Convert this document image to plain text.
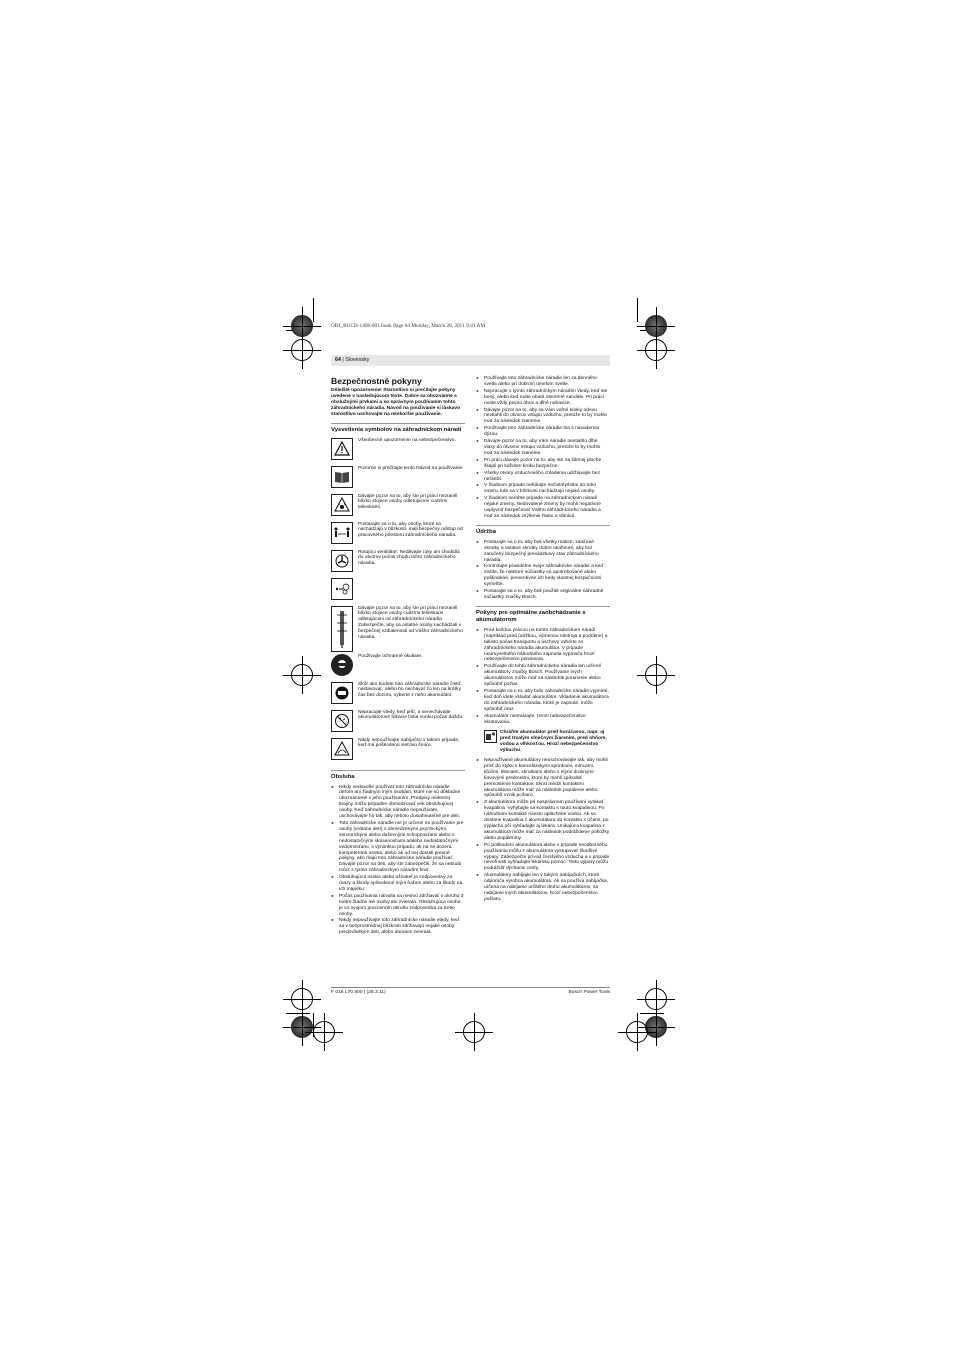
OBJ_BUCH-1406-001.book Page 64 Monday, March 28, 2011 9:41 AM
64 | Slovensky
Bezpečnostné pokyny

Dôležité upozornenie! Starostlivo si prečítajte pokyny uvedené v nasledujúcom texte. Dobre sa oboznámte s obslužnými prvkami a so správnym používaním tohto záhradníckeho náradia. Návod na používanie si láskavo starostlivo uschovajte na neskoršie používanie.

Vysvetlenia symbolov na záhradníckom náradí
Všeobecné upozornenie na nebezpečenstvo.
Pozorne si prečítajte tento Návod na používanie.
Dávajte pozor na to, aby ste pri práci nezranili blízko stojace osoby odletujúcimi cudzími telieskami.
Postarajte sa o to, aby osoby, ktoré sa nachádzajú v blízkosti, mali bezpečný odstup od pracovného priestoru záhradníckeho náradia.
Rotujúci ventilátor: Nedávajte ruky ani chodidlá do otvorov počas chodu tohto záhradníckeho náradia.
Dávajte pozor na to, aby ste pri práci nezranili blízko stojace osoby cudzími telieskami odletujúcimi od záhradníckeho náradia. Zabezpečte, aby sa ostatné osoby nachádzali v bezpečnej vzdialenosti od Vášho záhradníckeho náradia.
Používajte ochranné okuliare.
Skôr ako budete toto záhradnícke náradie čistiť, nastavovať, alebo ho nechávať čo len na krátky čas bez dozoru, vyberte z neho akumulátor.
Nepracujte vtedy, keď prší, a nenechávajte akumulátorové fúkacie lístia vonku počas dažďa.
Nikdy nepoužívajte nabíjačku v takom prípade, keď má poškodenú sieťovú šnúru.
Obsluha
► Nikdy nedovoľte používať toto záhradnícke náradie deťom ani žiadnym iným osobám, ktoré nie sú dôkladne oboznámené s jeho používaním. Predpisy niektorej krajiny môžu prípadne obmedzovať vek obsluhujúcej osoby. Keď záhradnícke náradie nepoužívate, uschovávajte ho tak, aby nebolo dosiahnuteľné pre deti.
► Toto záhradnícke náradie nie je určené na používanie pre osoby (vrátane detí) s obmedzenými psychickými, senzorickými alebo duševnými schopnosťami alebo s nedostatočnými skúsenosťami a/alebo nedostatočnými vedomosťami, s výnimkou prípadu, ak na ne dozerá kompetentná osoba, alebo ak od nej dostali presné pokyny, ako majú toto záhradnícke náradie používať. Dávajte pozor na deti, aby ste zabezpečili, že sa nebudú môcť s týmto záhradníckym náradím hrať.
► Obsluhujúca osoba alebo užívateľ je zodpovedný za úrazy a škody spôsobené iným ľuďom alebo za škody na ich majetku.
► Počas používania náradia sa nesmú zdržiavať v okruhu 3 metre žiadne iné osoby ani zvieratá. Obsluhujúca osoba je so svojom pracovnom okruhu zodpovedná za tretie osoby.
► Nikdy nepoužívajte toto záhradnícke náradie vtedy, keď sa v bezprostrednej blízkosti zdržiavajú nejaké osoby, predovšetkým deti, alebo domáce zvieratá.
► Používajte toto záhradnícke náradie len za denného svetla alebo pri dobrom umelom svetle.
► Nepracujte s týmto záhradníckym náradím vtedy, keď ste bosý, alebo keď máte obuté otvorené sandále. Pri práci noste vždy pevnú obuv a dlhé nohavice.
► Dávajte pozor na to, aby sa Vám voľné kúsky odevu nevtiahli do otvorov vstupu vzduchu, pretože to by mohlo mať za následok zranenie.
► Používajte toto záhradnícke náradie iba s nasadenou dýzou.
► Dávajte pozor na to, aby Vám náradie nevtiahlo dlhé vlasy do otvorov vstupu vzduchu, pretože to by mohlo mať za následok zranenie.
► Pri práci dávajte pozor na to, aby ste na šikmej ploche šliapli pri každom kroku bezpečne.
► Všetky otvory vzduchového chladenia udržiavajte bez nečistôt.
► V žiadnom prípade nefúkajte nečistoty/lístie do toho smeru, kde sa v blízkosti nachádzajú nejaké osoby.
► V žiadnom nerobte prípade na záhradníckom náradí nejaké zmeny. Nedovolené zmeny by mohli negatívne ovplyvniť bezpečnosť Vášho záhradníckeho náradia a mať za následok zvýšenie hluku a vibrácií.
Údržba
► Postarajte sa o to, aby boli všetky matice, zaisťané skrutky a ostatné skrutky dobre utiahnuté, aby bol zaručený bezpečný prevádzkový stav záhradníckeho náradia.
► Kontrolujte pravidelne svoje záhradnícke náradie a keď zistíte, že niektoré súčiastky sú opotrebované alebo poškodené, preventívne ich kedy vlastnej bezpečnosti vymeňte.
► Postarajte sa o to, aby boli použité originálne náhradné súčiastky značky Bosch.
Pokyny pre optimálne zaobchádzanie s akumulátorom
► Pred každou prácou na tomto záhradníckom náradí (napríklad pred údržbou, výmenou nástroja a podobne) a takisto počas transportu a úschovy vyberte zo záhradníckeho náradia akumulátor. V prípade neúmyselného náhodného zapnutia vypínača hrozí nebezpečenstvo poranenia.
► Používajte do tohto záhradníckeho náradia len určené akumulátory značky Bosch. Používanie iných akumulátorov môže mať za následok poranenie alebo spôsobiť požiar.
► Postarajte sa o to, aby bolo záhradnícke náradie vypnuté, keď doň idete vkladať akumulátor. Vkladanie akumulátora do záhradníckeho náradia, ktoré je zapnuté, môže spôsobiť úraz.
► Akumulátor neotvárajte. Hrozí nebezpečenstvo skratovania.
Chráňte akumulátor pred horúčavou, napr. aj pred trvalým slnečným žiarením, pred ohňom, vodou a vlhkosťou. Hrozí nebezpečenstvo výbuchu.
► Nepoužívané akumulátory neuschovávajte tak, aby mohli prísť do styku s kancelárskymi sponkami, mincami, kľúčmi, klincami, skrutkami alebo s inými drobnými kovovými predmetmi, ktoré by mohli spôsobiť premostenie kontaktov. Skrat medzi kontaktmi akumulátora môže mať za následok popálenie alebo spôsobiť vznik požiaru.
► Z akumulátora môže pri nesprávnom používaní vytekať kvapalina. Vyhýbajte sa kontaktu s touto kvapalinou. Po náhodnom kontakte miesto opláchnite vodou. Ak sa dostane kvapalina z akumulátora do kontaktu s očami, po výplachu očí vyhľadajte aj lekára. Unikajúca kvapalina z akumulátora môže mať za následok podráždenie pokožky alebo popáleniny.
► Po poškodení akumulátora alebo v prípade neodborného používania môžu z akumulátora vystupovať škodlivé výpary. Zabezpečte prívod čerstvého vzduchu a v prípade nevoľnosti vyhľadajte lekársku pomoc. Tieto výpary môžu podráždiť dýchacie cesty.
► Akumulátory nabíjajte len v takých nabíjačkách, ktoré odporúča výrobca akumulátora. Ak sa používa nabíjačka, určená na nabíjanie určitého druhu akumulátorov, na nabíjanie iných akumulátorov, hrozí nebezpečenstvo požiaru.
F 016 L70 800 | (28.3.11)	Bosch Power Tools
